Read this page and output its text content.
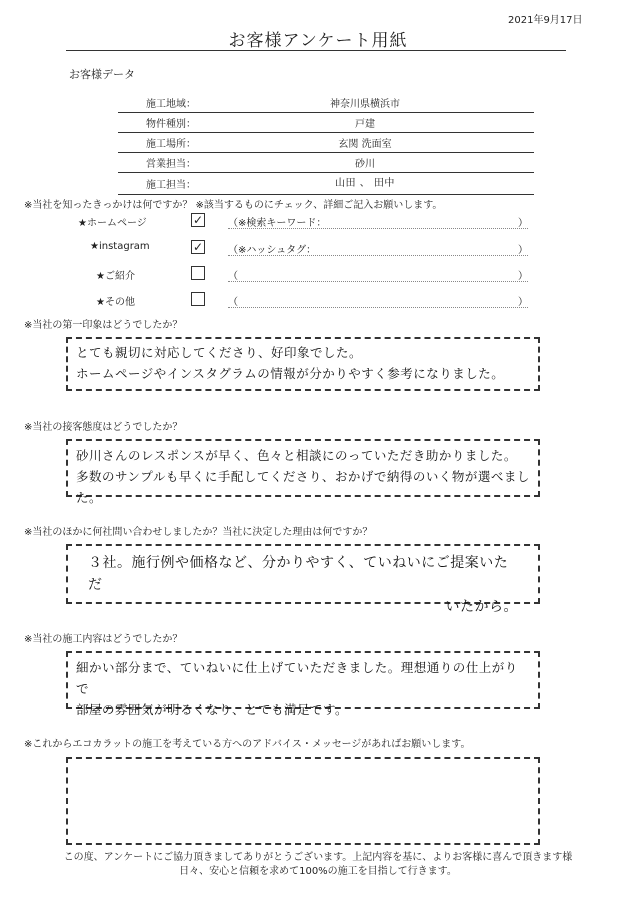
2021年9月17日
お客様アンケート用紙
お客様データ
施工地域：	神奈川県横浜市
物件種別：	戸建
施工場所：	玄関 洗面室
営業担当：	砂川
施工担当：	山田 、 田中
※当社を知ったきっかけは何ですか？ ※該当するものにチェック、詳細ご記入お願いします。
★ホームページ	✓ （※検索キーワード：	）
★instagram	✓ （※ハッシュタグ：	）
★ご紹介	（	）
★その他	（	）
※当社の第一印象はどうでしたか？
とても親切に対応してくださり、好印象でした。
ホームページやインスタグラムの情報が分かりやすく参考になりました。
※当社の接客態度はどうでしたか？
砂川さんのレスポンスが早く、色々と相談にのっていただき助かりました。
多数のサンプルも早くに手配してくださり、おかげで納得のいく物が選べました。
※当社のほかに何社問い合わせしましたか？当社に決定した理由は何ですか？
３社。施行例や価格など、分かりやすく、ていねいにご提案いただ
いたから。
※当社の施工内容はどうでしたか？
細かい部分まで、ていねいに仕上げていただきました。理想通りの仕上がりで
部屋の雰囲気が明るくなり、とても満足です。
※これからエコカラットの施工を考えている方へのアドバイス・メッセージがあればお願いします。
この度、アンケートにご協力頂きましてありがとうございます。上記内容を基に、よりお客様に喜んで頂きます様
日々、安心と信頼を求めて100%の施工を目指して行きます。
